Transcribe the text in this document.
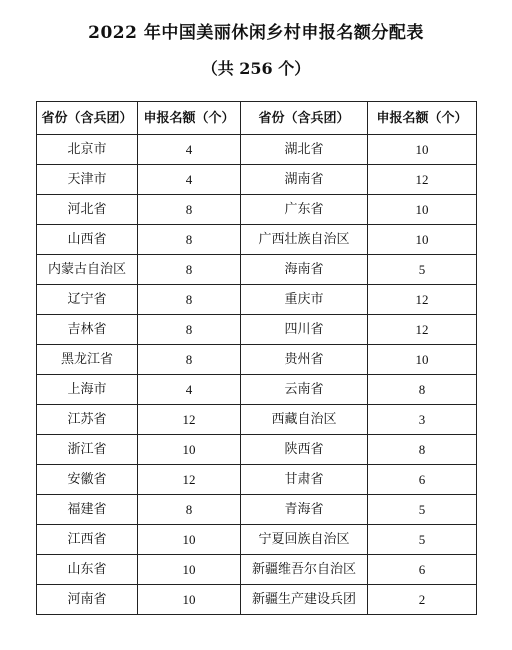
2022 年中国美丽休闲乡村申报名额分配表
（共 256 个）
省份（含兵团）	申报名额（个）	省份（含兵团）	申报名额（个）
北京市	4	湖北省	10
天津市	4	湖南省	12
河北省	8	广东省	10
山西省	8	广西壮族自治区	10
内蒙古自治区	8	海南省	5
辽宁省	8	重庆市	12
吉林省	8	四川省	12
黑龙江省	8	贵州省	10
上海市	4	云南省	8
江苏省	12	西藏自治区	3
浙江省	10	陕西省	8
安徽省	12	甘肃省	6
福建省	8	青海省	5
江西省	10	宁夏回族自治区	5
山东省	10	新疆维吾尔自治区	6
河南省	10	新疆生产建设兵团	2
